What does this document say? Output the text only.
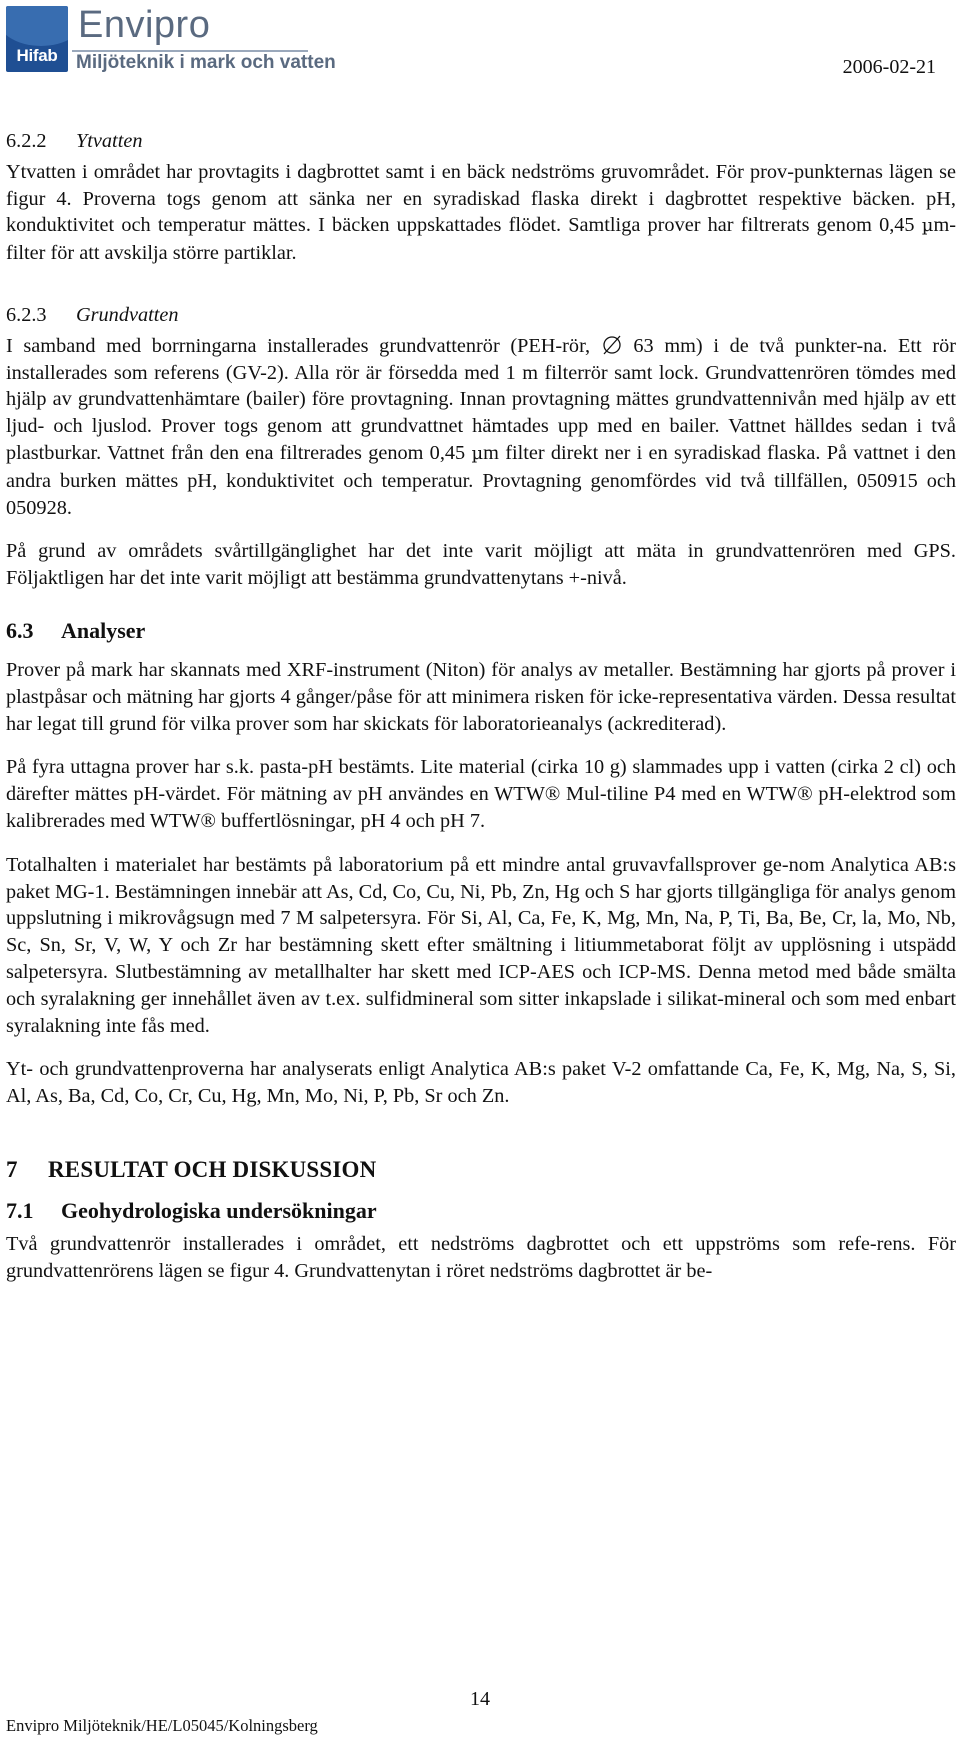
Hifab
Envipro
Miljöteknik i mark och vatten	2006-02-21
6.2.2 Ytvatten

Ytvatten i området har provtagits i dagbrottet samt i en bäck nedströms gruvområdet. För prov-punkternas lägen se figur 4. Proverna togs genom att sänka ner en syradiskad flaska direkt i dagbrottet respektive bäcken. pH, konduktivitet och temperatur mättes. I bäcken uppskattades flödet. Samtliga prover har filtrerats genom 0,45 µm-filter för att avskilja större partiklar.

6.2.3 Grundvatten

I samband med borrningarna installerades grundvattenrör (PEH-rör,  63 mm) i de två punkter-na. Ett rör installerades som referens (GV-2). Alla rör är försedda med 1 m filterrör samt lock. Grundvattenrören tömdes med hjälp av grundvattenhämtare (bailer) före provtagning. Innan provtagning mättes grundvattennivån med hjälp av ett ljud- och ljuslod. Prover togs genom att grundvattnet hämtades upp med en bailer. Vattnet hälldes sedan i två plastburkar. Vattnet från den ena filtrerades genom 0,45 µm filter direkt ner i en syradiskad flaska. På vattnet i den andra burken mättes pH, konduktivitet och temperatur. Provtagning genomfördes vid två tillfällen, 050915 och 050928.

På grund av områdets svårtillgänglighet har det inte varit möjligt att mäta in grundvattenrören med GPS. Följaktligen har det inte varit möjligt att bestämma grundvattenytans +-nivå.

6.3 Analyser

Prover på mark har skannats med XRF-instrument (Niton) för analys av metaller. Bestämning har gjorts på prover i plastpåsar och mätning har gjorts 4 gånger/påse för att minimera risken för icke-representativa värden. Dessa resultat har legat till grund för vilka prover som har skickats för laboratorieanalys (ackrediterad).

På fyra uttagna prover har s.k. pasta-pH bestämts. Lite material (cirka 10 g) slammades upp i vatten (cirka 2 cl) och därefter mättes pH-värdet. För mätning av pH användes en WTW® Mul-tiline P4 med en WTW® pH-elektrod som kalibrerades med WTW® buffertlösningar, pH 4 och pH 7.

Totalhalten i materialet har bestämts på laboratorium på ett mindre antal gruvavfallsprover ge-nom Analytica AB:s paket MG-1. Bestämningen innebär att As, Cd, Co, Cu, Ni, Pb, Zn, Hg och S har gjorts tillgängliga för analys genom uppslutning i mikrovågsugn med 7 M salpetersyra. För Si, Al, Ca, Fe, K, Mg, Mn, Na, P, Ti, Ba, Be, Cr, la, Mo, Nb, Sc, Sn, Sr, V, W, Y och Zr har bestämning skett efter smältning i litiummetaborat följt av upplösning i utspädd salpetersyra. Slutbestämning av metallhalter har skett med ICP-AES och ICP-MS. Denna metod med både smälta och syralakning ger innehållet även av t.ex. sulfidmineral som sitter inkapslade i silikat-mineral och som med enbart syralakning inte fås med.

Yt- och grundvattenproverna har analyserats enligt Analytica AB:s paket V-2 omfattande Ca, Fe, K, Mg, Na, S, Si, Al, As, Ba, Cd, Co, Cr, Cu, Hg, Mn, Mo, Ni, P, Pb, Sr och Zn.

7 RESULTAT OCH DISKUSSION
7.1 Geohydrologiska undersökningar

Två grundvattenrör installerades i området, ett nedströms dagbrottet och ett uppströms som refe-rens. För grundvattenrörens lägen se figur 4. Grundvattenytan i röret nedströms dagbrottet är be-

14
Envipro Miljöteknik/HE/L05045/Kolningsberg
